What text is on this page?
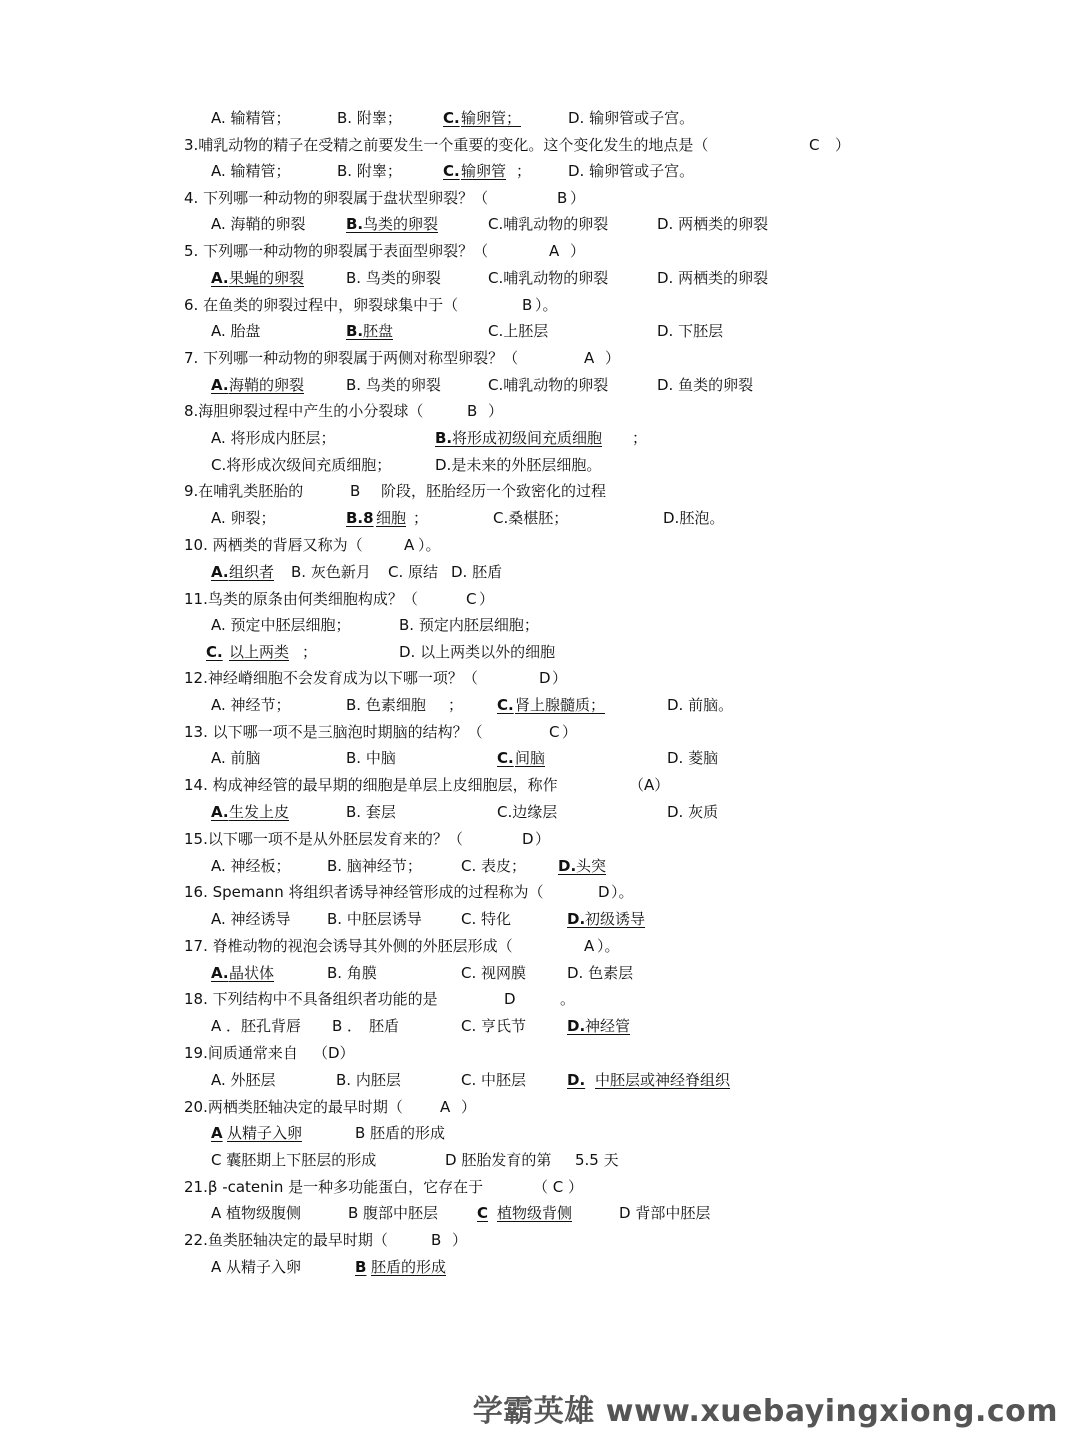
A. 输精管；	B. 附睾；	C. 输卵管；	D. 输卵管或子宫。
3.哺乳动物的精子在受精之前要发生一个重要的变化。这个变化发生的地点是（	C ）
A. 输精管；	B. 附睾；	C. 输卵管 ； D. 输卵管或子宫。
4. 下列哪一种动物的卵裂属于盘状型卵裂？（	B ）
A. 海鞘的卵裂	B. 鸟类的卵裂	C.哺乳动物的卵裂	D. 两栖类的卵裂
5. 下列哪一种动物的卵裂属于表面型卵裂？（	A ）
A. 果蝇的卵裂	B. 鸟类的卵裂	C.哺乳动物的卵裂	D. 两栖类的卵裂
6. 在鱼类的卵裂过程中，卵裂球集中于（	B ）。
A. 胎盘	B. 胚盘	C.上胚层	D. 下胚层
7. 下列哪一种动物的卵裂属于两侧对称型卵裂？（	A ）
A. 海鞘的卵裂	B. 鸟类的卵裂	C.哺乳动物的卵裂	D. 鱼类的卵裂
8.海胆卵裂过程中产生的小分裂球（	B ）
A. 将形成内胚层；	B. 将形成初级间充质细胞 ；
C.将形成次级间充质细胞；	D.是未来的外胚层细胞。
9.在哺乳类胚胎的	B 阶段，胚胎经历一个致密化的过程
A. 卵裂；	B.8 细胞 ；	C.桑椹胚；	D.胚泡。
10. 两栖类的背唇又称为（	A ）。
A. 组织者 B. 灰色新月 C. 原结 D. 胚盾
11.鸟类的原条由何类细胞构成？（	C ）
A. 预定中胚层细胞；	B. 预定内胚层细胞；
C. 以上两类 ；	D. 以上两类以外的细胞
12.神经嵴细胞不会发育成为以下哪一项？（	D ）
A. 神经节；	B. 色素细胞 ； C. 肾上腺髓质；	D. 前脑。
13. 以下哪一项不是三脑泡时期脑的结构？（	C ）
A. 前脑	B. 中脑	C. 间脑	D. 菱脑
14. 构成神经管的最早期的细胞是单层上皮细胞层，称作	（A）
A. 生发上皮	B. 套层	C.边缘层	D. 灰质
15.以下哪一项不是从外胚层发育来的？（	D ）
A. 神经板； B. 脑神经节；	C. 表皮； D. 头突
16. Spemann 将组织者诱导神经管形成的过程称为（	D ）。
A. 神经诱导 B. 中胚层诱导	C. 特化	D. 初级诱导
17. 脊椎动物的视泡会诱导其外侧的外胚层形成（	A ）。
A. 晶状体	B. 角膜	C. 视网膜	D. 色素层
18. 下列结构中不具备组织者功能的是	D	。
A ．胚孔背唇 B ． 胚盾	C. 亨氏节	D. 神经管
19.间质通常来自 （D）
A. 外胚层	B. 内胚层	C. 中胚层	D. 中胚层或神经脊组织
20.两栖类胚轴决定的最早时期（ A ）
A 从精子入卵	B 胚盾的形成
C 囊胚期上下胚层的形成	D 胚胎发育的第 5.5 天
21.β -catenin 是一种多功能蛋白，它存在于	（ C ）
A 植物级腹侧	B 腹部中胚层	C 植物级背侧	D 背部中胚层
22.鱼类胚轴决定的最早时期（	B ）
A 从精子入卵	B 胚盾的形成
学霸英雄 www.xuebayingxiong.com
